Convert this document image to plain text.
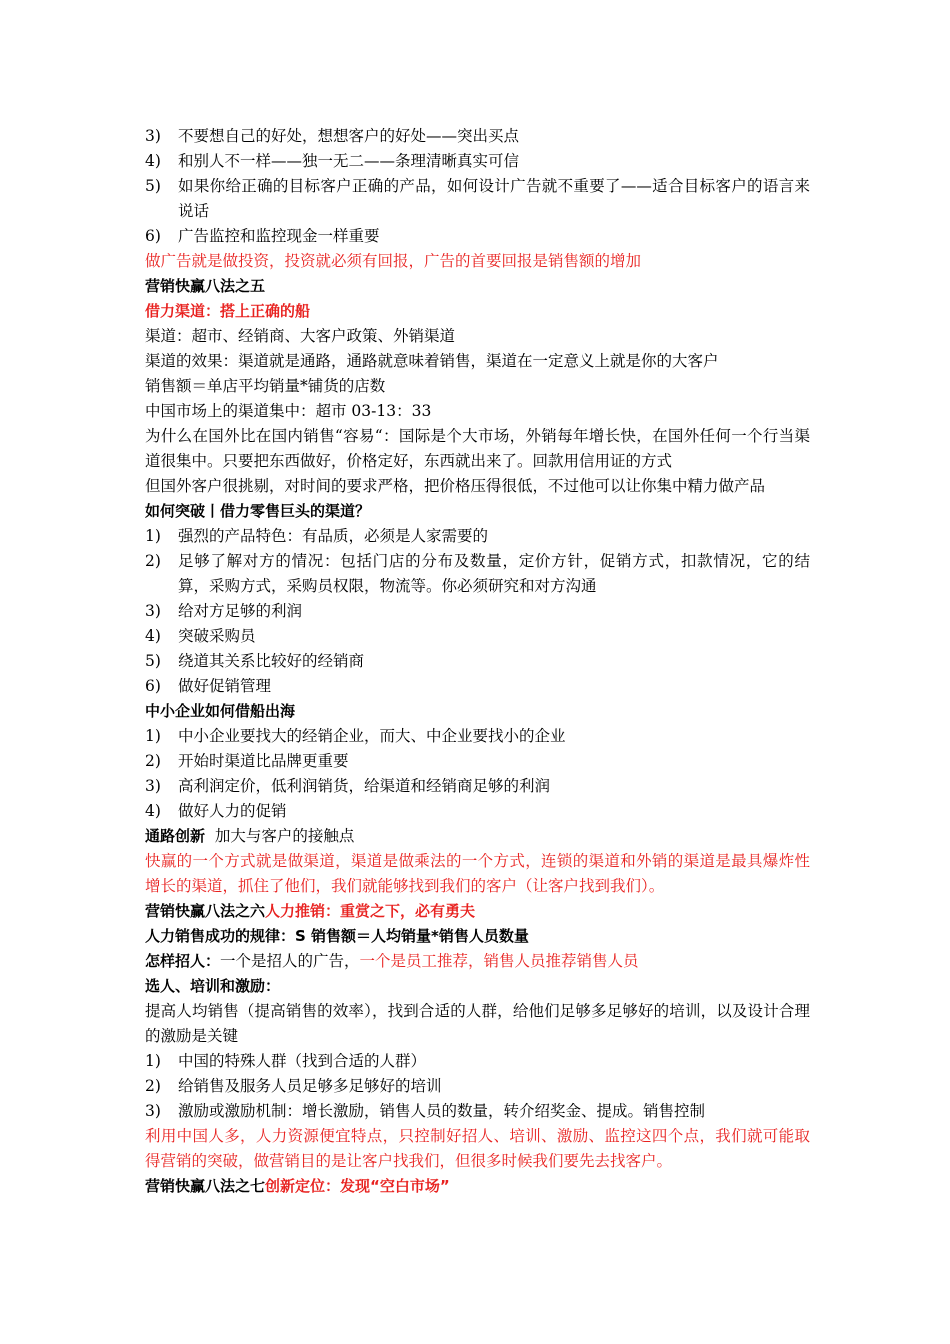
3) 不要想自己的好处，想想客户的好处——突出买点
4) 和别人不一样——独一无二——条理清晰真实可信
5) 如果你给正确的目标客户正确的产品，如何设计广告就不重要了——适合目标客户的语言来说话
6) 广告监控和监控现金一样重要
做广告就是做投资，投资就必须有回报，广告的首要回报是销售额的增加
营销快赢八法之五
借力渠道：搭上正确的船
渠道：超市、经销商、大客户政策、外销渠道
渠道的效果：渠道就是通路，通路就意味着销售，渠道在一定意义上就是你的大客户
销售额＝单店平均销量*铺货的店数
中国市场上的渠道集中：超市 03-13：33
为什么在国外比在国内销售“容易“：国际是个大市场，外销每年增长快，在国外任何一个行当渠道很集中。只要把东西做好，价格定好，东西就出来了。回款用信用证的方式
但国外客户很挑剔，对时间的要求严格，把价格压得很低，不过他可以让你集中精力做产品
如何突破丨借力零售巨头的渠道？
1) 强烈的产品特色：有品质，必须是人家需要的
2) 足够了解对方的情况：包括门店的分布及数量，定价方针，促销方式，扣款情况，它的结算，采购方式，采购员权限，物流等。你必须研究和对方沟通
3) 给对方足够的利润
4) 突破采购员
5) 绕道其关系比较好的经销商
6) 做好促销管理
中小企业如何借船出海
1) 中小企业要找大的经销企业，而大、中企业要找小的企业
2) 开始时渠道比品牌更重要
3) 高利润定价，低利润销货，给渠道和经销商足够的利润
4) 做好人力的促销
通路创新  加大与客户的接触点
快赢的一个方式就是做渠道，渠道是做乘法的一个方式，连锁的渠道和外销的渠道是最具爆炸性增长的渠道，抓住了他们，我们就能够找到我们的客户（让客户找到我们）。
营销快赢八法之六人力推销：重赏之下，必有勇夫
人力销售成功的规律：S 销售额＝人均销量*销售人员数量
怎样招人：一个是招人的广告，一个是员工推荐，销售人员推荐销售人员
选人、培训和激励：
提高人均销售（提高销售的效率），找到合适的人群，给他们足够多足够好的培训，以及设计合理的激励是关键
1) 中国的特殊人群（找到合适的人群）
2) 给销售及服务人员足够多足够好的培训
3) 激励或激励机制：增长激励，销售人员的数量，转介绍奖金、提成。销售控制
利用中国人多，人力资源便宜特点，只控制好招人、培训、激励、监控这四个点，我们就可能取得营销的突破，做营销目的是让客户找我们，但很多时候我们要先去找客户。
营销快赢八法之七创新定位：发现“空白市场”
